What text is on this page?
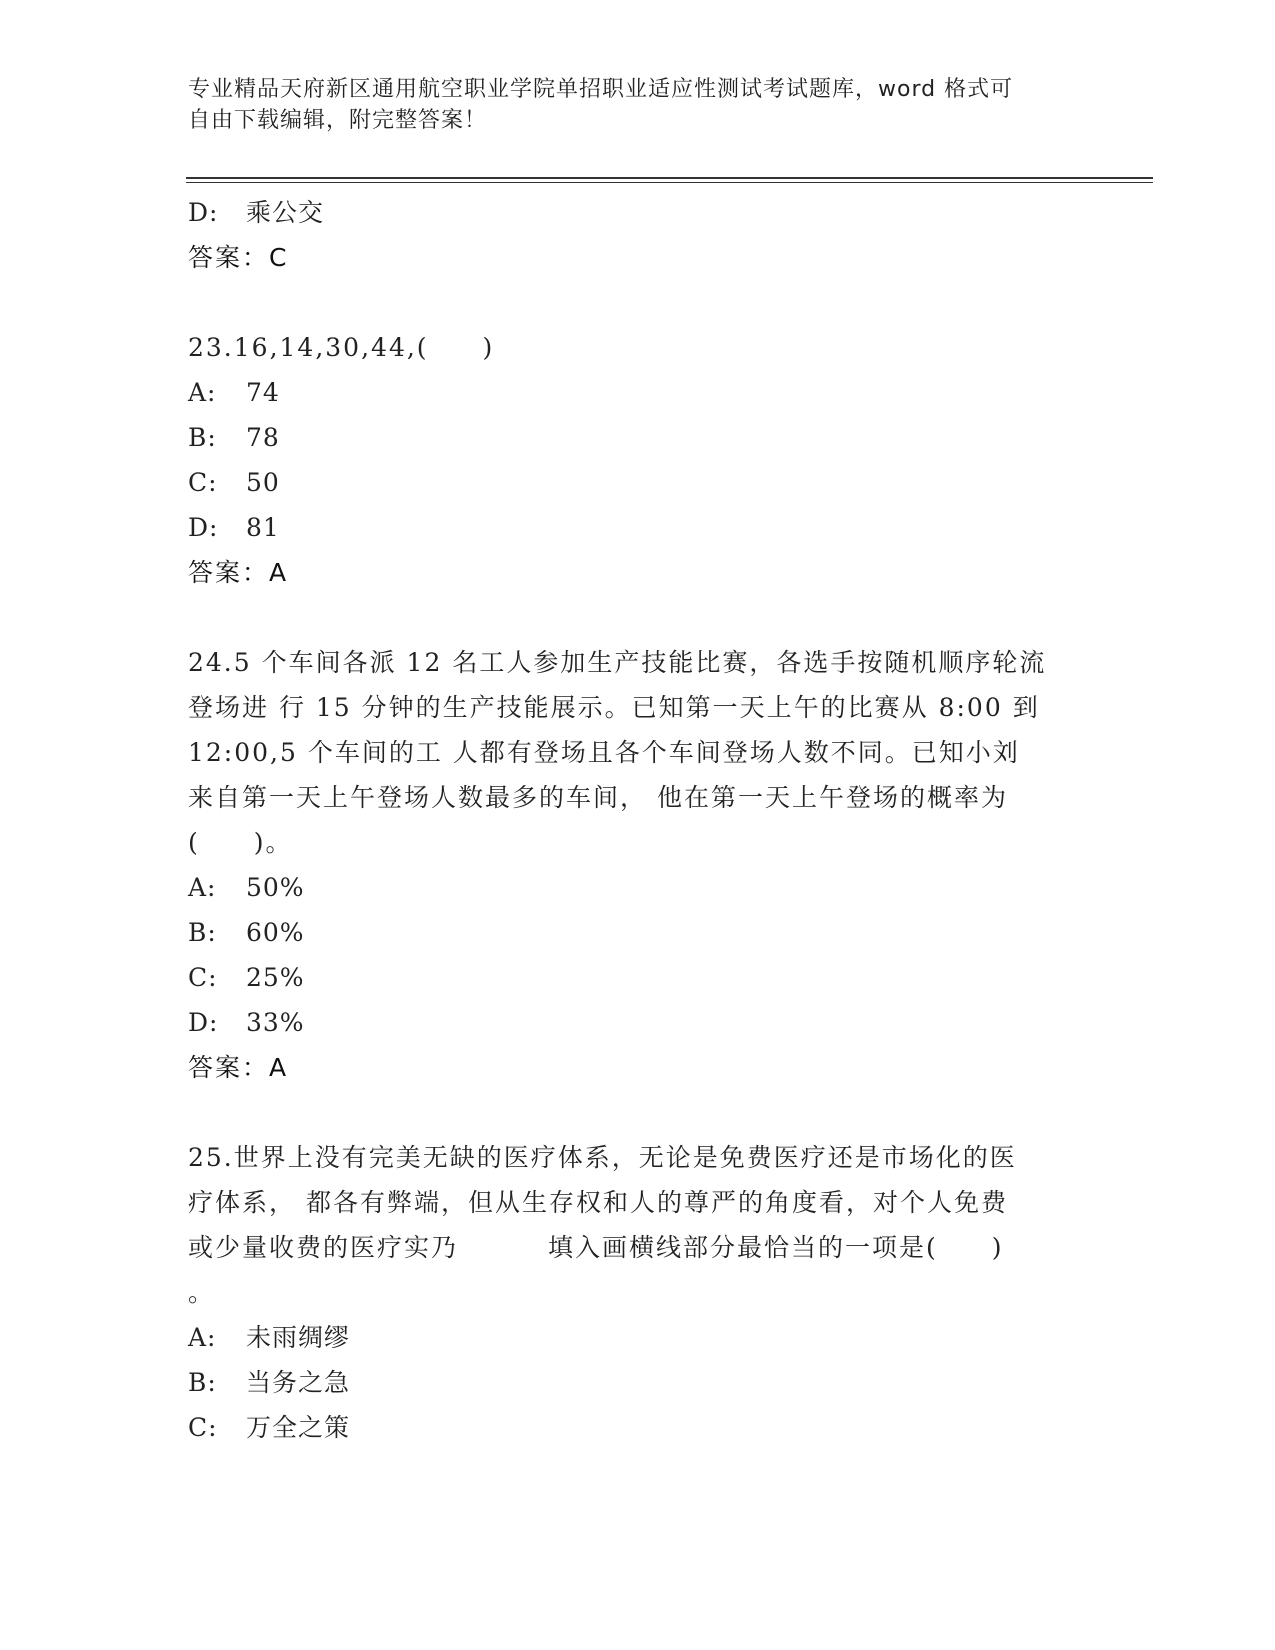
专业精品天府新区通用航空职业学院单招职业适应性测试考试题库，word 格式可
自由下载编辑，附完整答案！
D: 乘公交
答案：C
23.16,14,30,44,(　　)
A: 74
B: 78
C: 50
D: 81
答案：A
24.5 个车间各派 12 名工人参加生产技能比赛，各选手按随机顺序轮流
登场进 行 15 分钟的生产技能展示。已知第一天上午的比赛从 8:00 到
12:00,5 个车间的工 人都有登场且各个车间登场人数不同。已知小刘
来自第一天上午登场人数最多的车间， 他在第一天上午登场的概率为
(　　)。
A: 50%
B: 60%
C: 25%
D: 33%
答案：A
25.世界上没有完美无缺的医疗体系，无论是免费医疗还是市场化的医
疗体系， 都各有弊端，但从生存权和人的尊严的角度看，对个人免费
或少量收费的医疗实乃	填入画横线部分最恰当的一项是(　　)
。
A: 未雨绸缪
B: 当务之急
C: 万全之策
